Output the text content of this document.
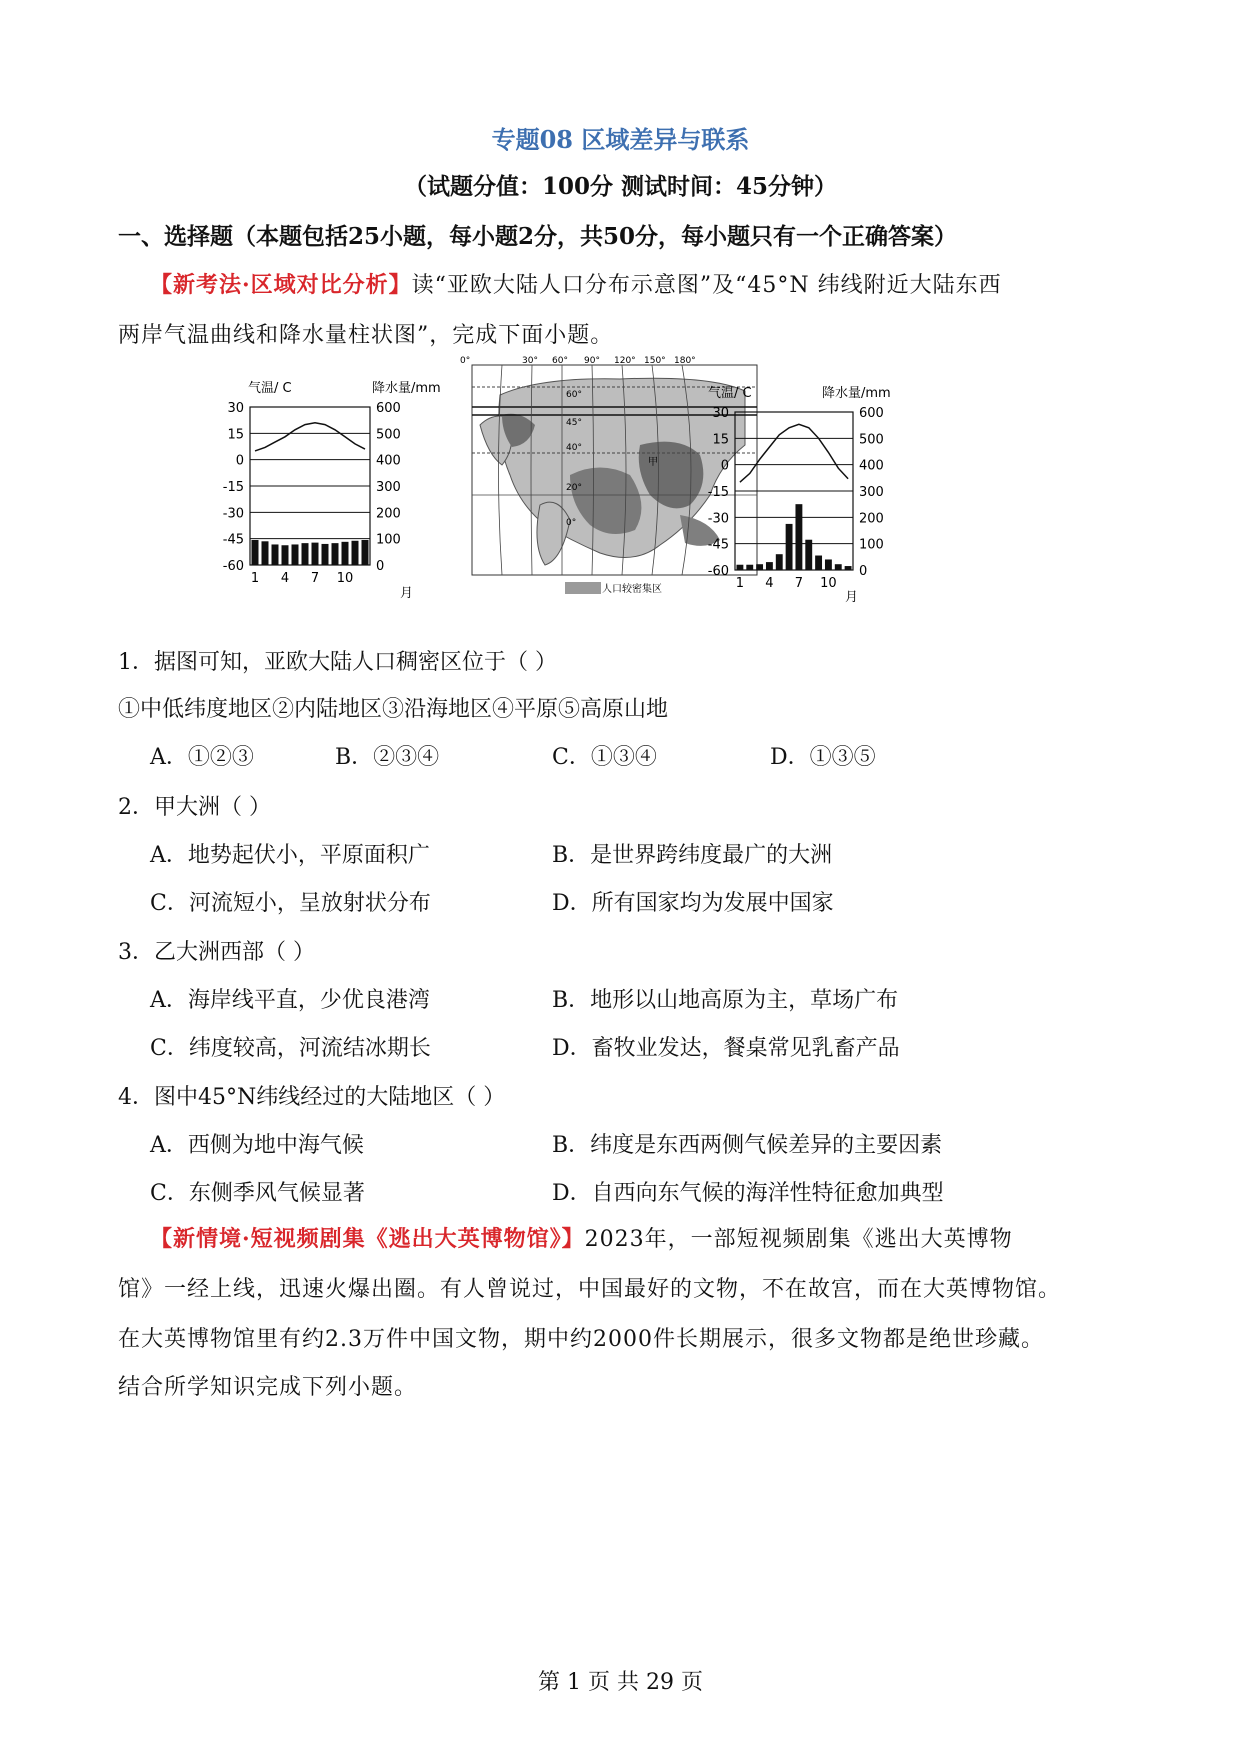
专题08 区域差异与联系
（试题分值：100分 测试时间：45分钟）
一、选择题（本题包括25小题，每小题2分，共50分，每小题只有一个正确答案）
【新考法·区域对比分析】读“亚欧大陆人口分布示意图”及“45°N 纬线附近大陆东西
两岸气温曲线和降水量柱状图”，完成下面小题。
气温/ C	降水量/mm
30
15
0
-15
-30
-45
-60
600
500
400
300
200
100
0
1 4 7 10
月
0°	30° 60° 90° 120° 150° 180°
60°
45°
40°
20°
0°
甲
人口较密集区
气温/ C	降水量/mm
30
15
0
-15
-30
-45
-60
600
500
400
300
200
100
0
1 4 7 10
月
1．据图可知，亚欧大陆人口稠密区位于（ ）
①中低纬度地区②内陆地区③沿海地区④平原⑤高原山地
A．①②③	B．②③④	C．①③④	D．①③⑤
2．甲大洲（ ）
A．地势起伏小，平原面积广	B．是世界跨纬度最广的大洲
C．河流短小，呈放射状分布	D．所有国家均为发展中国家
3．乙大洲西部（ ）
A．海岸线平直，少优良港湾	B．地形以山地高原为主，草场广布
C．纬度较高，河流结冰期长	D．畜牧业发达，餐桌常见乳畜产品
4．图中45°N纬线经过的大陆地区（ ）
A．西侧为地中海气候	B．纬度是东西两侧气候差异的主要因素
C．东侧季风气候显著	D．自西向东气候的海洋性特征愈加典型
【新情境·短视频剧集《逃出大英博物馆》】2023年，一部短视频剧集《逃出大英博物
馆》一经上线，迅速火爆出圈。有人曾说过，中国最好的文物，不在故宫，而在大英博物馆。
在大英博物馆里有约2.3万件中国文物，期中约2000件长期展示，很多文物都是绝世珍藏。
结合所学知识完成下列小题。
第 1 页 共 29 页
